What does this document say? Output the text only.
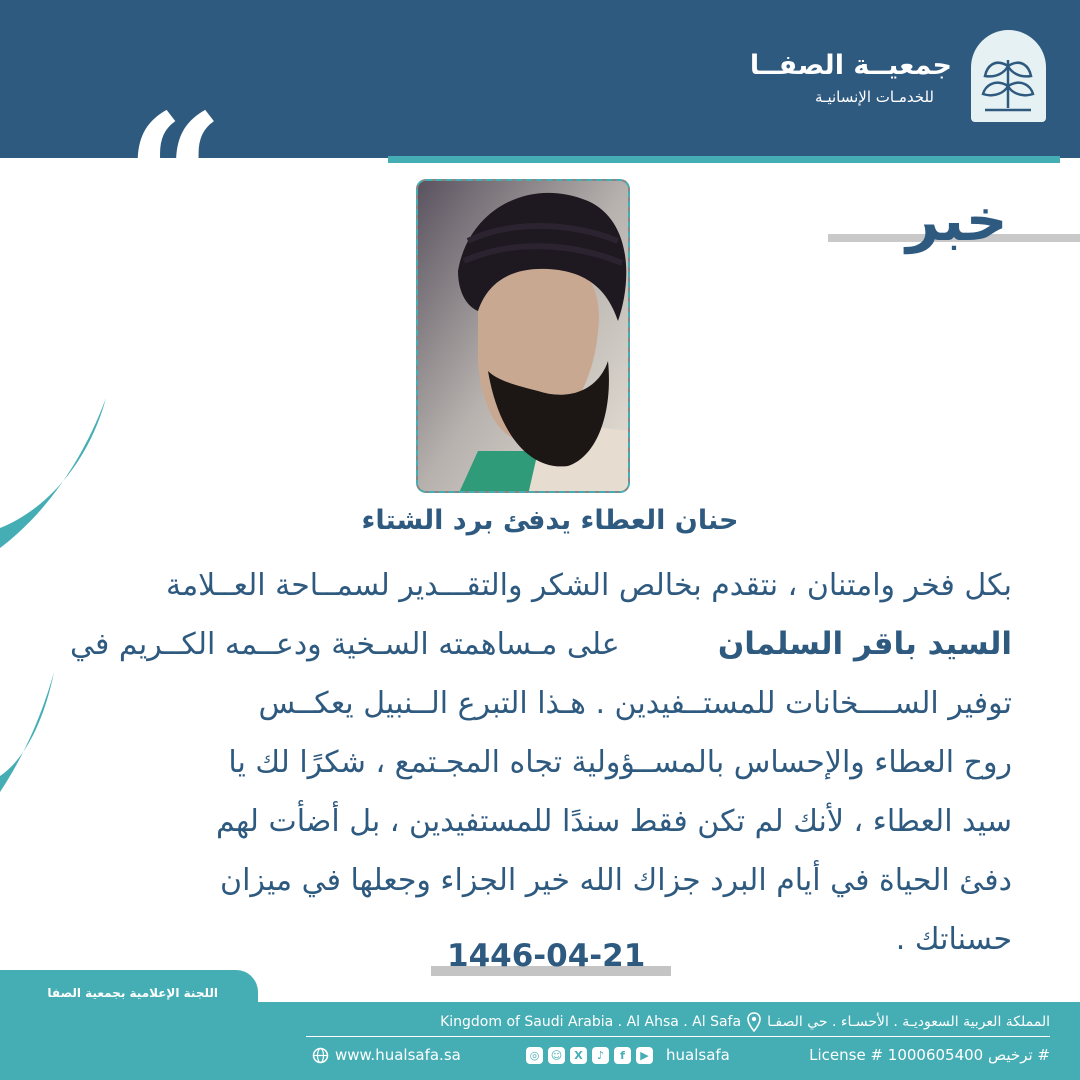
“
جمعيــة الصفــا
للخدمـات الإنسانيـة
خبر
حنان العطاء يدفئ برد الشتاء
بكل فخر وامتنان ، نتقدم بخالص الشكر والتقـــدير لسمــاحة العــلامة
السيد باقر السلمان
على مـساهمته السـخية ودعــمه الكــريم في
توفير الســــخانات للمستــفيدين . هـذا التبرع الــنبيل يعكــس
روح العطاء والإحساس بالمســؤولية تجاه المجـتمع ، شكرًا لك يا
سيد العطاء ، لأنك لم تكن فقط سندًا للمستفيدين ، بل أضأت لهم
دفئ الحياة في أيام البرد جزاك الله خير الجزاء وجعلها في ميزان
حسناتك .
1446-04-21
اللجنة الإعلامية بجمعية الصفا
Kingdom of Saudi Arabia . Al Ahsa . Al Safa المملكة العربية السعوديـة . الأحسـاء . حي الصفـا
www.hualsafa.sa	◎	☺	X	♪	f	▶ hualsafa	License # 1000605400 ترخيص #
